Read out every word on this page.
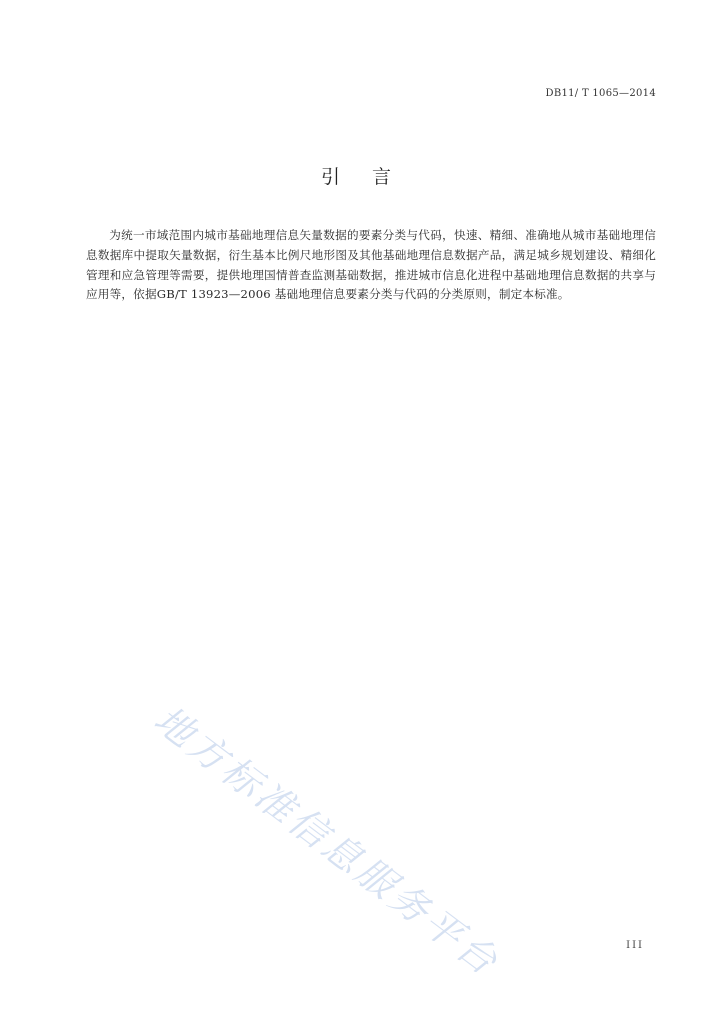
DB11/ T 1065—2014
引言
为统一市域范围内城市基础地理信息矢量数据的要素分类与代码，快速、精细、准确地从城市基础地理信息数据库中提取矢量数据，衍生基本比例尺地形图及其他基础地理信息数据产品，满足城乡规划建设、精细化管理和应急管理等需要，提供地理国情普查监测基础数据，推进城市信息化进程中基础地理信息数据的共享与应用等，依据GB/T 13923—2006 基础地理信息要素分类与代码的分类原则，制定本标准。
地方标准信息服务平台	III
